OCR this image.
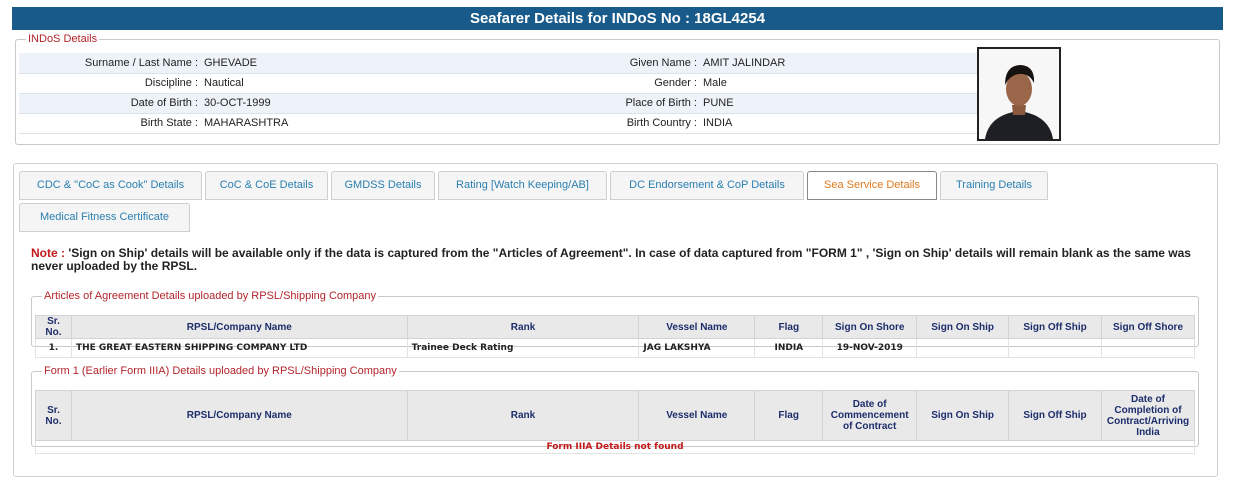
Seafarer Details for INDoS No : 18GL4254
INDoS Details
Surname / Last Name :	GHEVADE	Given Name :	AMIT JALINDAR
Discipline :	Nautical	Gender :	Male
Date of Birth :	30-OCT-1999	Place of Birth :	PUNE
Birth State :	MAHARASHTRA	Birth Country :	INDIA
CDC & "CoC as Cook" Details	CoC & CoE Details	GMDSS Details	Rating [Watch Keeping/AB]	DC Endorsement & CoP Details	Sea Service Details	Training Details
Medical Fitness Certificate
Note : 'Sign on Ship' details will be available only if the data is captured from the "Articles of Agreement". In case of data captured from "FORM 1" , 'Sign on Ship' details will remain blank as the same was never uploaded by the RPSL.
Articles of Agreement Details uploaded by RPSL/Shipping Company
Sr. No.	RPSL/Company Name	Rank	Vessel Name	Flag	Sign On Shore	Sign On Ship	Sign Off Ship	Sign Off Shore
1.	THE GREAT EASTERN SHIPPING COMPANY LTD	Trainee Deck Rating	JAG LAKSHYA	INDIA	19-NOV-2019			
Form 1 (Earlier Form IIIA) Details uploaded by RPSL/Shipping Company
Sr. No.	RPSL/Company Name	Rank	Vessel Name	Flag	Date of Commencement of Contract	Sign On Ship	Sign Off Ship	Date of Completion of Contract/Arriving India
Form IIIA Details not found
